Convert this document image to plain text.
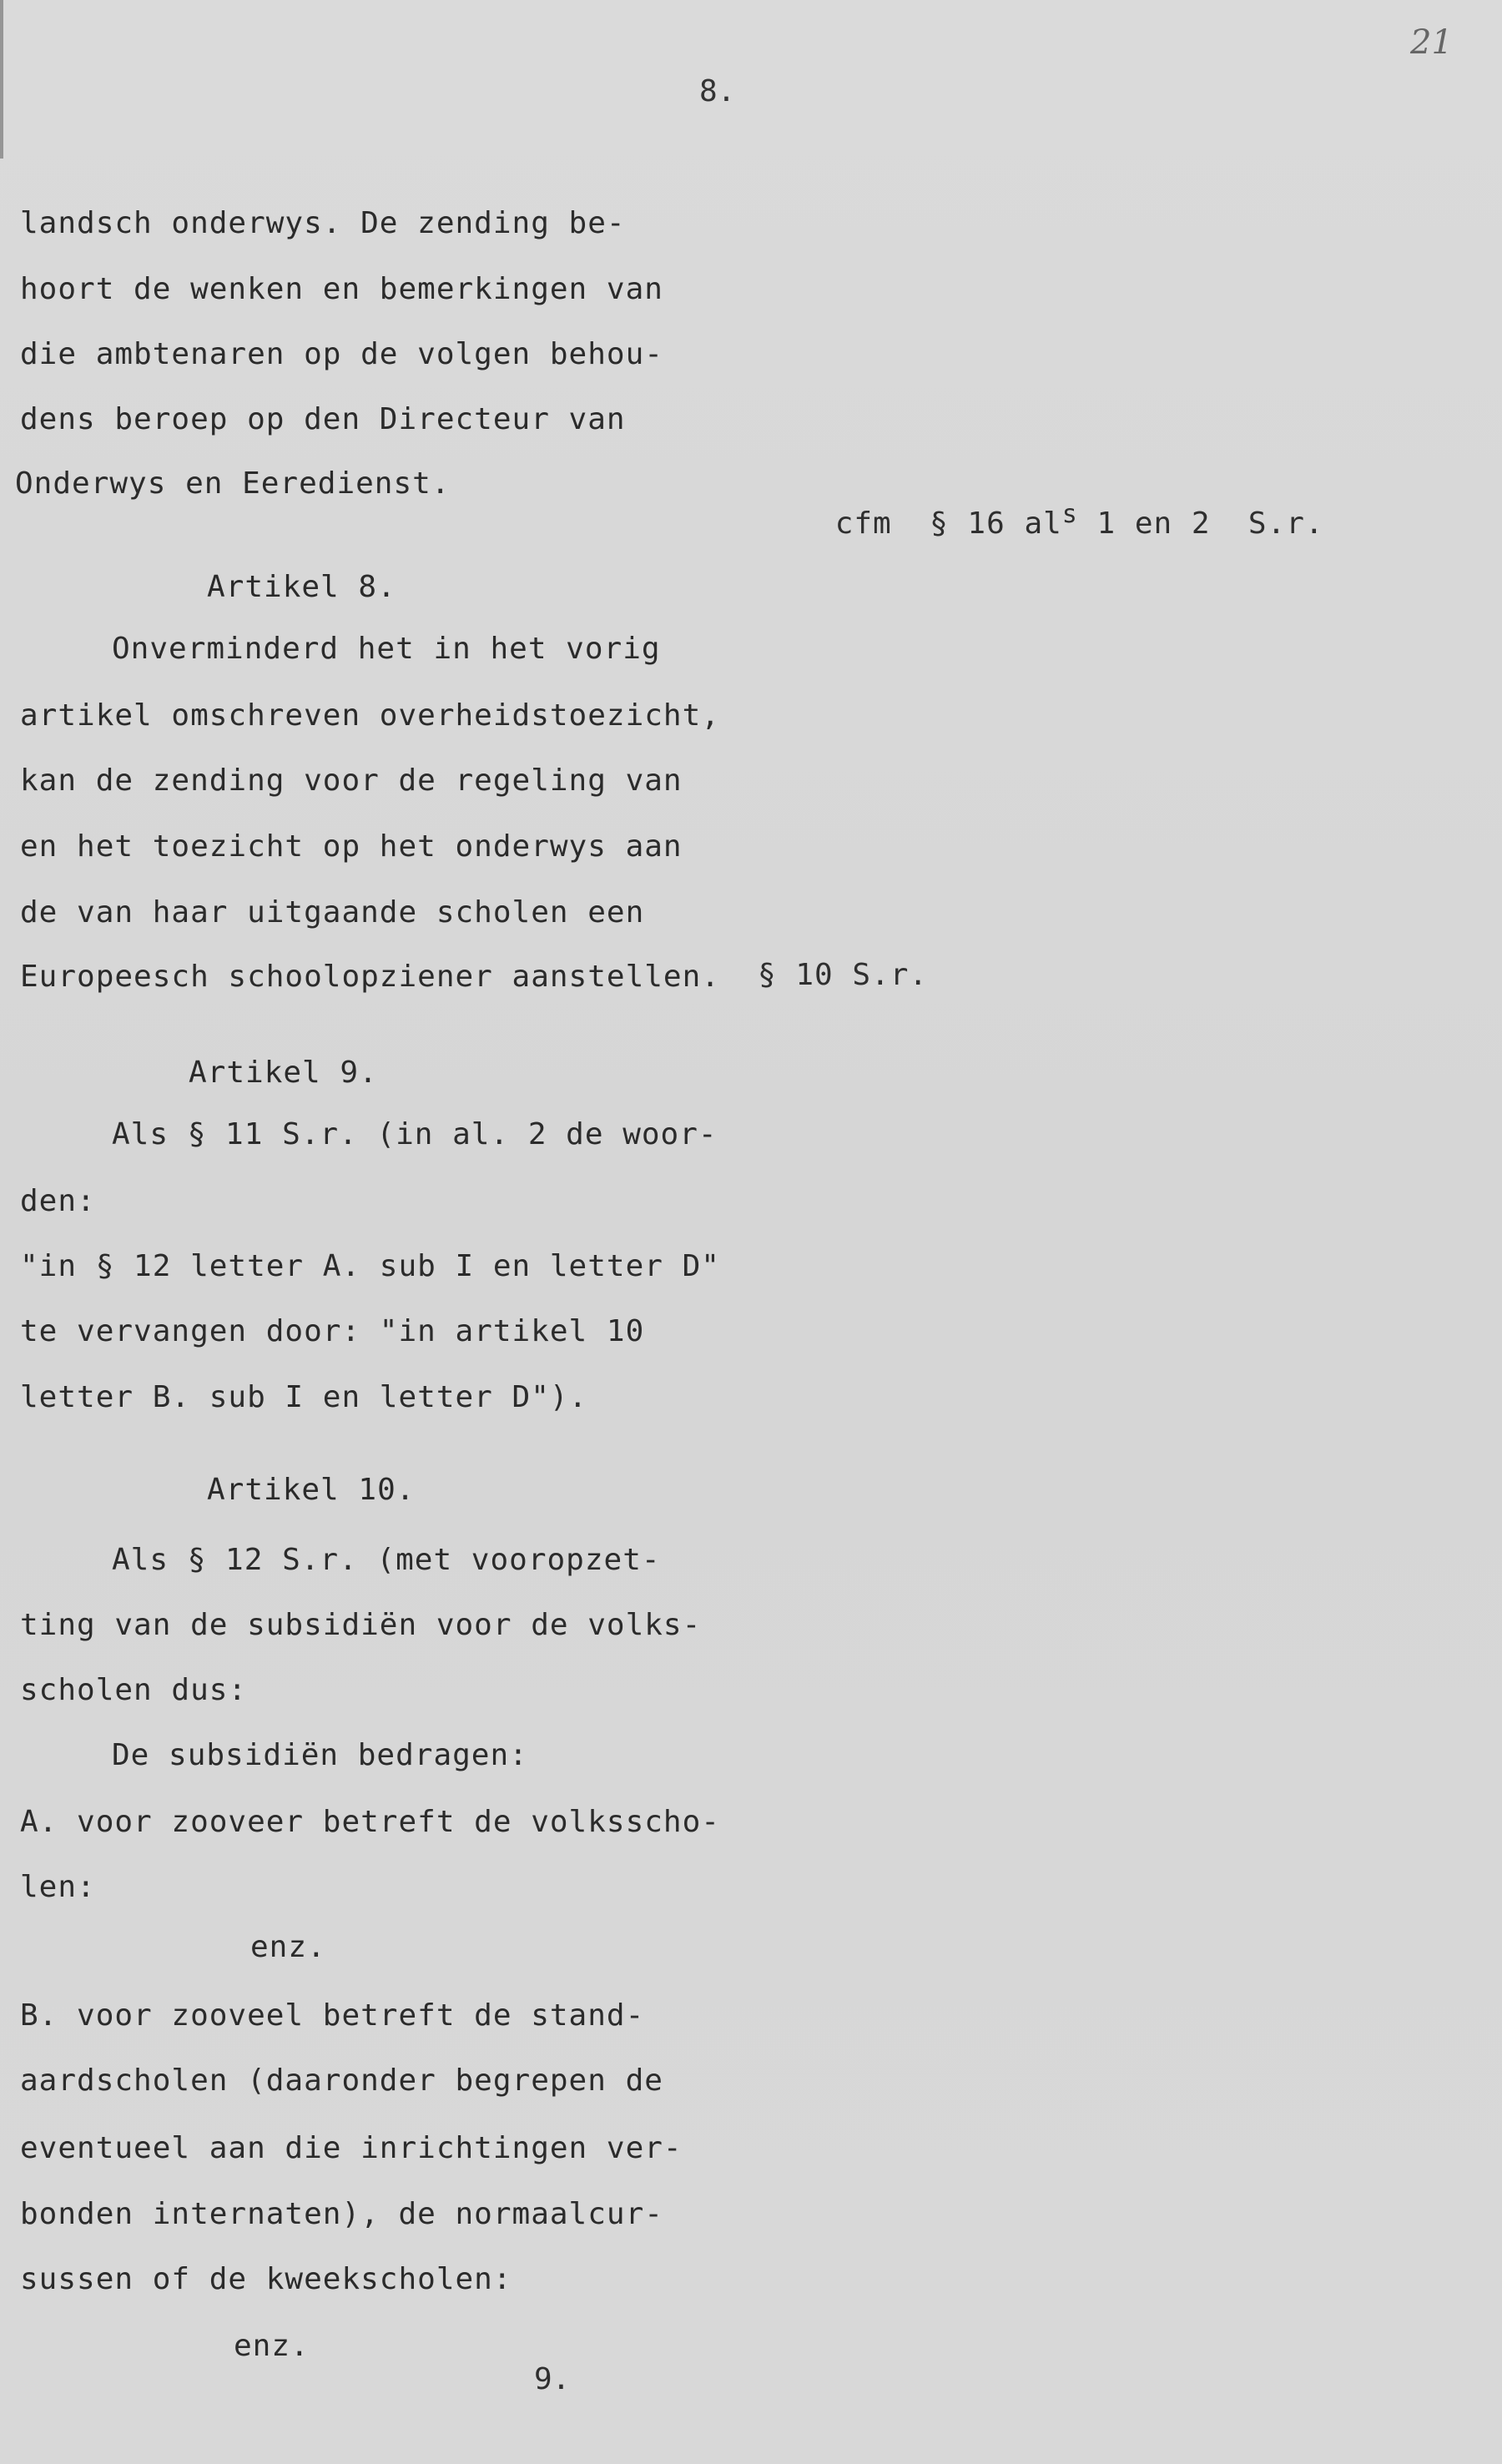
21
8.
landsch onderwys. De zending be-
hoort de wenken en bemerkingen van
die ambtenaren op de volgen behou-
dens beroep op den Directeur van
Onderwys en Eeredienst.

cfm  § 16 $al^s$ 1 en 2  S.r.

Artikel 8.
Onverminderd het in het vorig
artikel omschreven overheidstoezicht,
kan de zending voor de regeling van
en het toezicht op het onderwys aan
de van haar uitgaande scholen een
Europeesch schoolopziener aanstellen. § 10 S.r.
Artikel 9.
Als § 11 S.r. (in al. 2 de woor-
den:
"in § 12 letter A. sub I en letter D"
te vervangen door: "in artikel 10
letter B. sub I en letter D").
Artikel 10.
Als § 12 S.r. (met vooropzet-
ting van de subsidiën voor de volks-
scholen dus:
De subsidiën bedragen:
A. voor zooveer betreft de volksscho-
len:
enz.
B. voor zooveel betreft de stand-
aardscholen (daaronder begrepen de
eventueel aan die inrichtingen ver-
bonden internaten), de normaalcur-
sussen of de kweekscholen:
enz.
9.
